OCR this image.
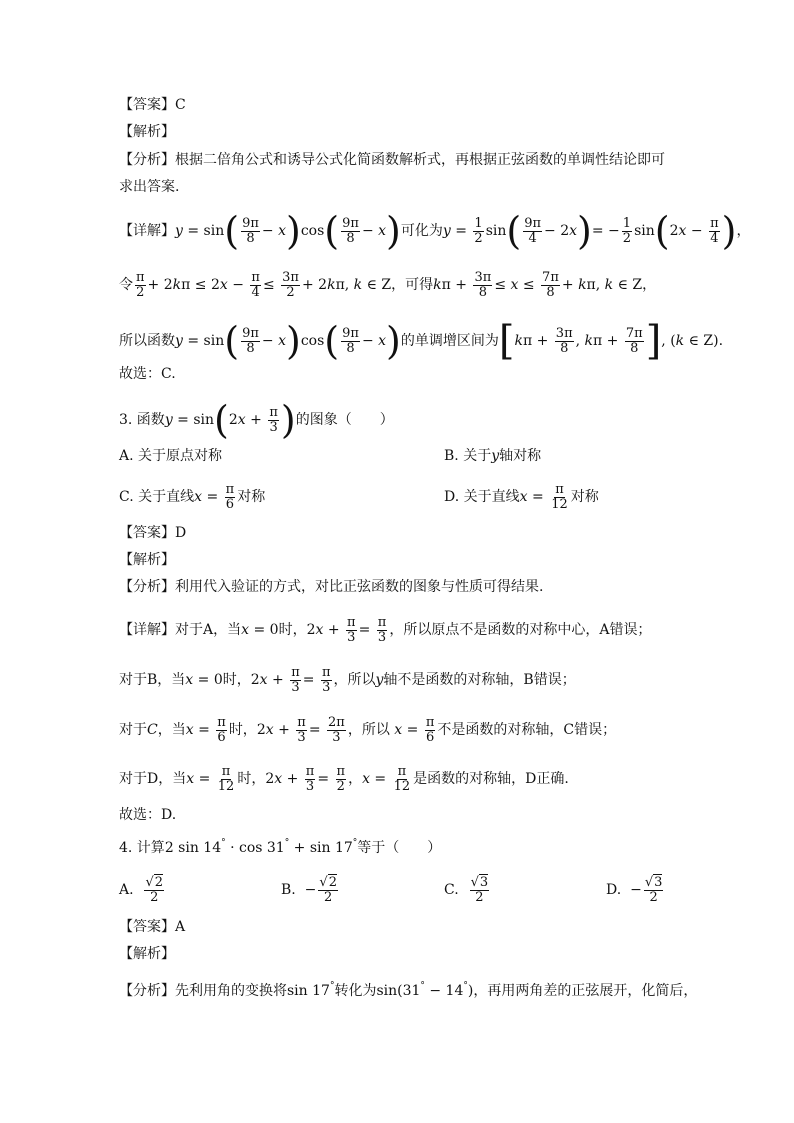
【答案】C
【解析】
【分析】根据二倍角公式和诱导公式化简函数解析式，再根据正弦函数的单调性结论即可
求出答案.
【详解】$y = \sin( \frac{9\pi}{8} - x)\cos( \frac{9\pi}{8} - x)$可化为$y = \frac{1}{2} \sin( \frac{9\pi}{4} - 2x)= - \frac{1}{2} \sin(2x - \frac{\pi}{4}$ )，
令 $\frac{\pi}{2} + 2k\pi \le 2x - \frac{\pi}{4} \le \frac{3\pi}{2} + 2k\pi$, k ∈ Z，可得$k\pi + \frac{3\pi}{8} \le x \le \frac{7\pi}{8} + k\pi$, k ∈ Z，
所以函数$y = \sin( \frac{9\pi}{8} - x)\cos( \frac{9\pi}{8} - x)$的单调增区间为[$k\pi + \frac{3\pi}{8}$ , $k\pi + \frac{7\pi}{8}$ ], (k ∈ Z).
故选：C.
3. 函数$y = \sin(2x + \frac{\pi}{3}$ )的图象（　　）
A. 关于原点对称	B. 关于y轴对称
C. 关于直线$x = \frac{\pi}{6}$ 对称	D. 关于直线$x = \frac{\pi}{12}$ 对称
【答案】D
【解析】
【分析】利用代入验证的方式，对比正弦函数的图象与性质可得结果.
【详解】对于A，当x = 0时，$2x + \frac{\pi}{3} = \frac{\pi}{3}$ ，所以原点不是函数的对称中心，A错误；
对于B，当x = 0时，$2x + \frac{\pi}{3} = \frac{\pi}{3}$ ，所以y轴不是函数的对称轴，B错误；
对于C，当$x = \frac{\pi}{6}$ 时，$2x + \frac{\pi}{3} = \frac{2\pi}{3}$ ，所以 $x = \frac{\pi}{6}$ 不是函数的对称轴，C错误；
对于D，当$x = \frac{\pi}{12}$ 时，$2x + \frac{\pi}{3} = \frac{\pi}{2}$ ，$x = \frac{\pi}{12}$ 是函数的对称轴，D正确.
故选：D.
4. 计算2 sin 14° · cos 31° + sin 17°等于（　　）
A. $\frac{√2}{2}$	B.  − $\frac{√2}{2}$	C. $\frac{√3}{2}$	D.  − $\frac{√3}{2}$
【答案】A
【解析】
【分析】先利用角的变换将sin 17°转化为sin(31° − 14°)，再用两角差的正弦展开，化简后，
